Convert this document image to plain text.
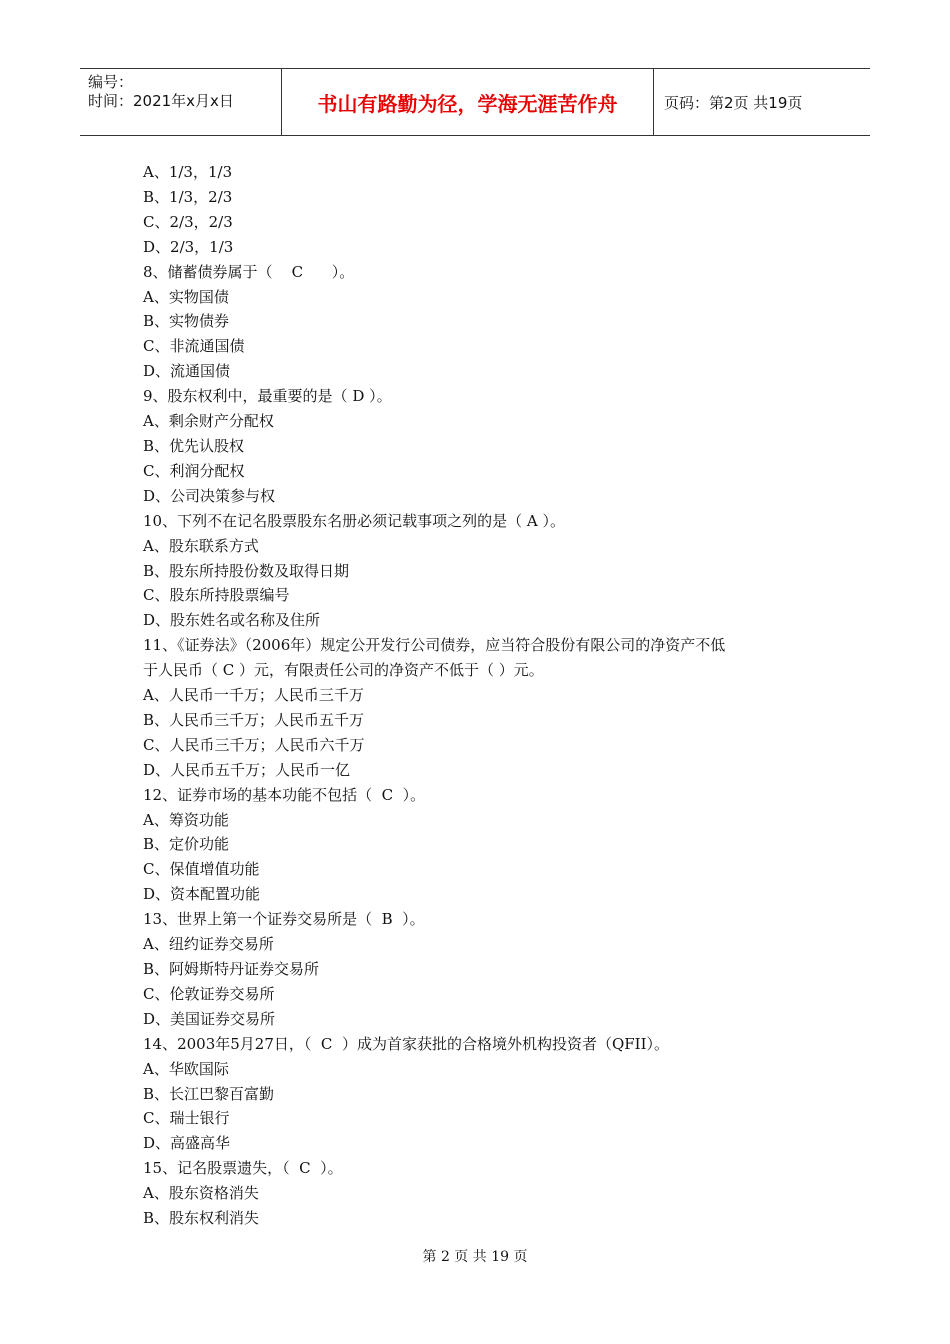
编号：
时间：2021年x月x日	书山有路勤为径，学海无涯苦作舟	页码：第2页 共19页
A、1/3，1/3
B、1/3，2/3
C、2/3，2/3
D、2/3，1/3
8、储蓄债券属于（    C      ）。
A、实物国债
B、实物债券
C、非流通国债
D、流通国债
9、股东权利中，最重要的是（ D ）。
A、剩余财产分配权
B、优先认股权
C、利润分配权
D、公司决策参与权
10、下列不在记名股票股东名册必须记载事项之列的是（ A ）。
A、股东联系方式
B、股东所持股份数及取得日期
C、股东所持股票编号
D、股东姓名或名称及住所
11、《证券法》（2006年）规定公开发行公司债券，应当符合股份有限公司的净资产不低
于人民币（ C ）元，有限责任公司的净资产不低于（ ）元。
A、人民币一千万；人民币三千万
B、人民币三千万；人民币五千万
C、人民币三千万；人民币六千万
D、人民币五千万；人民币一亿
12、证券市场的基本功能不包括（  C  ）。
A、筹资功能
B、定价功能
C、保值增值功能
D、资本配置功能
13、世界上第一个证券交易所是（  B  ）。
A、纽约证券交易所
B、阿姆斯特丹证券交易所
C、伦敦证券交易所
D、美国证券交易所
14、2003年5月27日，（  C  ）成为首家获批的合格境外机构投资者（QFII）。
A、华欧国际
B、长江巴黎百富勤
C、瑞士银行
D、高盛高华
15、记名股票遗失，（  C  ）。
A、股东资格消失
B、股东权利消失
第 2 页 共 19 页
